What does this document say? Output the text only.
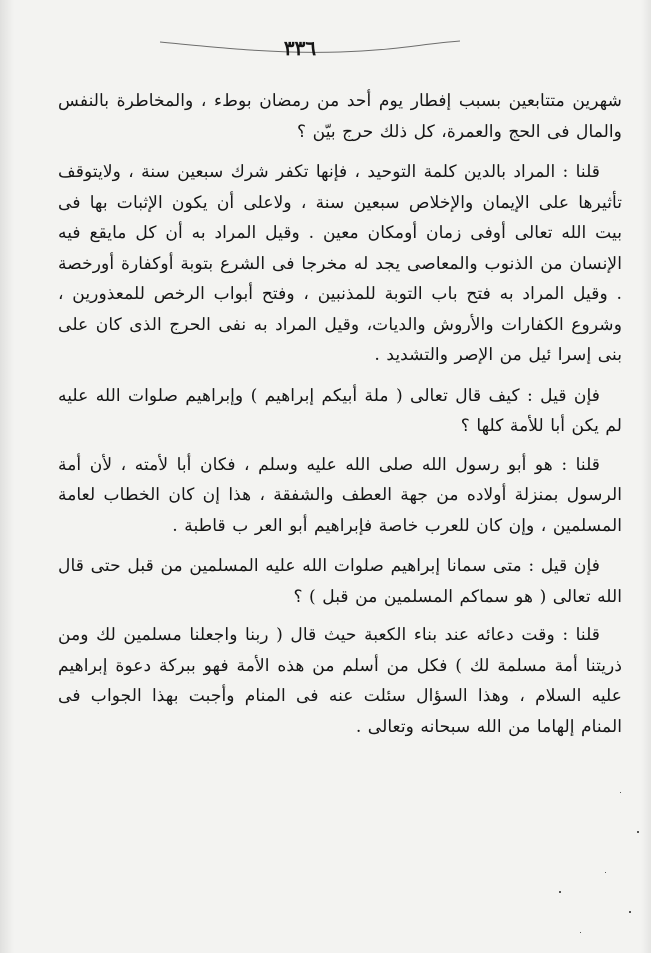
٣٣٦

شهرين متتابعين بسبب إفطار يوم أحد من رمضان بوطء ، والمخاطرة بالنفس والمال فى الحج والعمرة، كل ذلك حرج بيّن ؟

قلنا : المراد بالدين كلمة التوحيد ، فإنها تكفر شرك سبعين سنة ، ولايتوقف تأثيرها على الإيمان والإخلاص سبعين سنة ، ولاعلى أن يكون الإثبات بها فى بيت الله تعالى أوفى زمان أومكان معين . وقيل المراد به أن كل مايقع فيه الإنسان من الذنوب والمعاصى يجد له مخرجا فى الشرع بتوبة أوكفارة أورخصة . وقيل المراد به فتح باب التوبة للمذنبين ، وفتح أبواب الرخص للمعذورين ، وشروع الكفارات والأروش والديات، وقيل المراد به نفى الحرج الذى كان على بنى إسرا ئيل من الإصر والتشديد .

فإن قيل : كيف قال تعالى ( ملة أبيكم إبراهيم ) وإبراهيم صلوات الله عليه لم يكن أبا للأمة كلها ؟

قلنا : هو أبو رسول الله صلى الله عليه وسلم ، فكان أبا لأمته ، لأن أمة الرسول بمنزلة أولاده من جهة العطف والشفقة ، هذا إن كان الخطاب لعامة المسلمين ، وإن كان للعرب خاصة فإبراهيم أبو العر ب قاطبة .

فإن قيل : متى سمانا إبراهيم صلوات الله عليه المسلمين من قبل حتى قال الله تعالى ( هو سماكم المسلمين من قبل ) ؟

قلنا : وقت دعائه عند بناء الكعبة حيث قال ( ربنا واجعلنا مسلمين لك ومن ذريتنا أمة مسلمة لك ) فكل من أسلم من هذه الأمة فهو ببركة دعوة إبراهيم عليه السلام ، وهذا السؤال سئلت عنه فى المنام وأجبت بهذا الجواب فى المنام إلهاما من الله سبحانه وتعالى .
